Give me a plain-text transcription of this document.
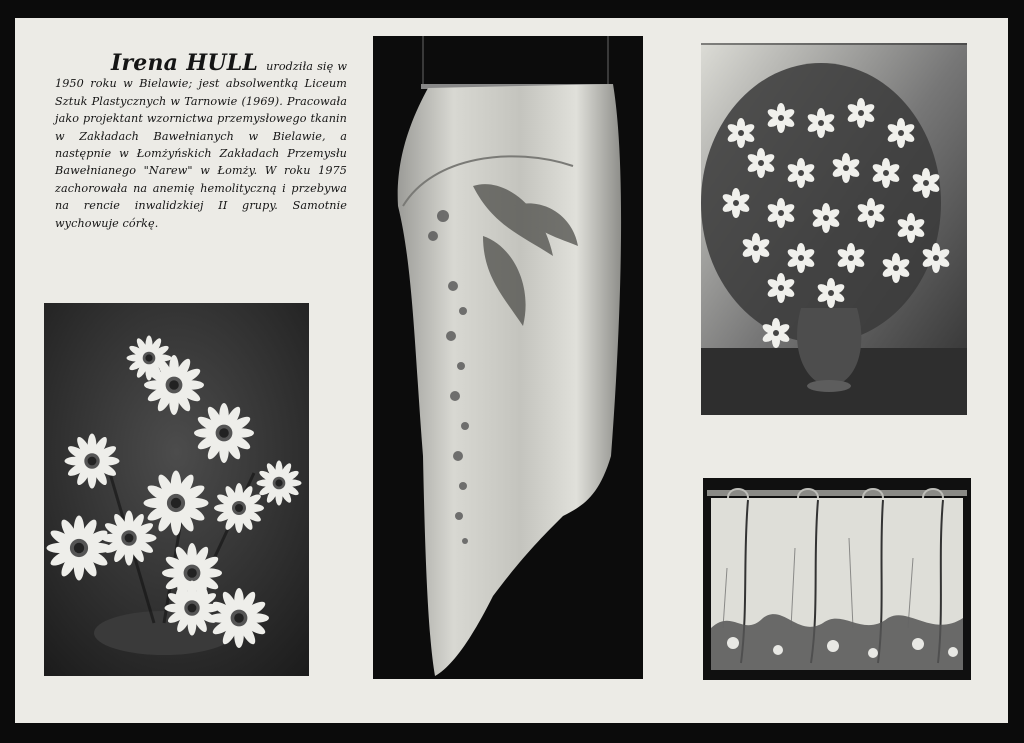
Irena HULL urodziła się w 1950 roku w Bielawie; jest absolwentką Liceum Sztuk Plastycznych w Tarnowie (1969). Pracowała jako projektant wzornictwa przemysłowego tkanin w Zakładach Bawełnianych w Bielawie, a następnie w Łomżyńskich Zakładach Przemysłu Bawełnianego "Narew" w Łomży. W roku 1975 zachorowała na anemię hemolityczną i przebywa na rencie inwalidzkiej II grupy. Samotnie wychowuje córkę.
